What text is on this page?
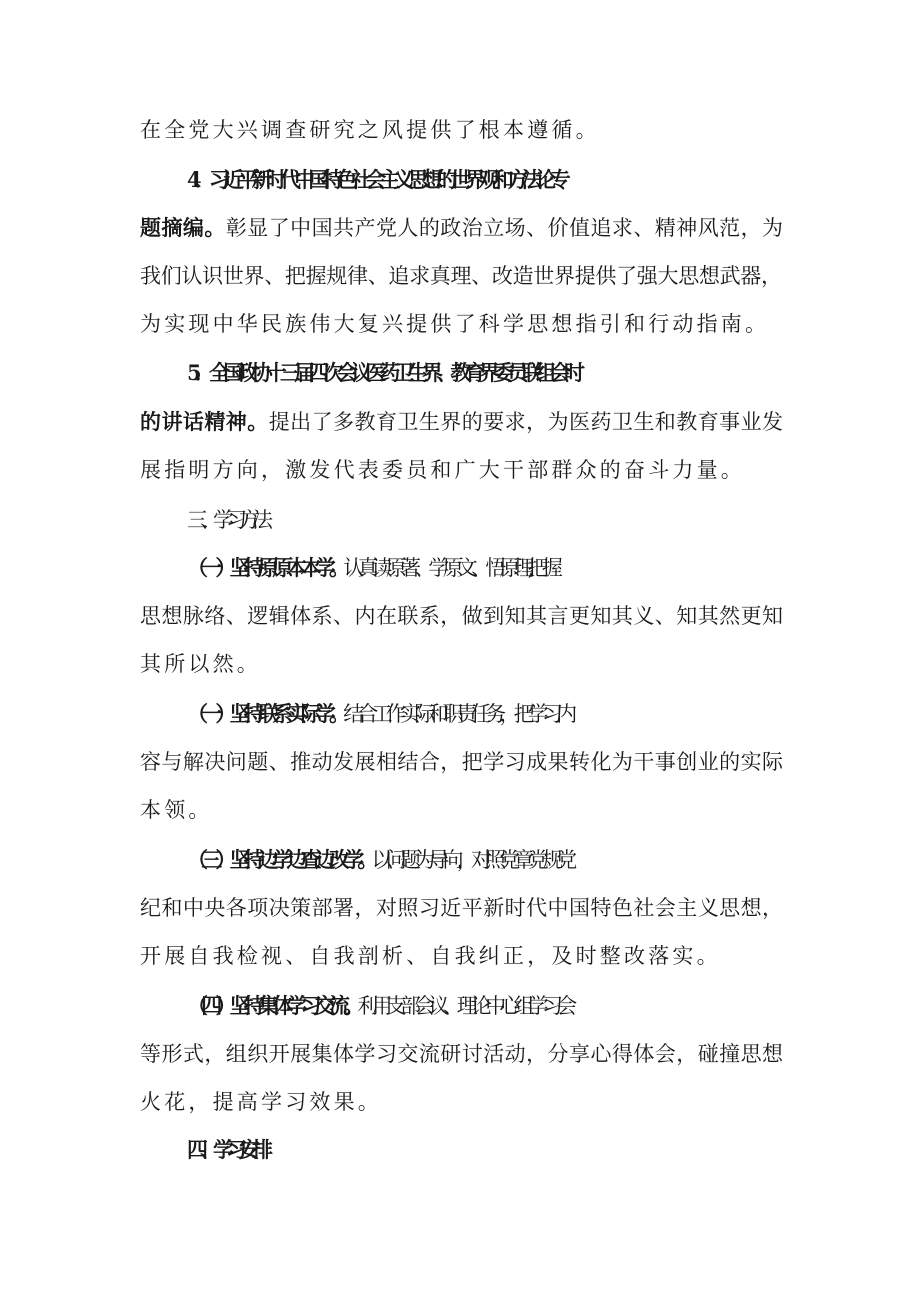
在全党大兴调查研究之风提供了根本遵循。
4．习近平新时代中国特色社会主义思想的世界观和方法论专
题摘编。彰显了中国共产党人的政治立场、价值追求、精神风范，为
我们认识世界、把握规律、追求真理、改造世界提供了强大思想武器，
为实现中华民族伟大复兴提供了科学思想指引和行动指南。
5．全国政协十三届四次会议医药卫生界、教育界委员联组会时
的讲话精神。提出了多教育卫生界的要求，为医药卫生和教育事业发
展指明方向，激发代表委员和广大干部群众的奋斗力量。
三、学习方法
（一）坚持原原本本学。认真读原著、学原文、悟原理,把握
思想脉络、逻辑体系、内在联系，做到知其言更知其义、知其然更知
其所以然。
（一）坚持联系实际学。结合工作实际和职责任务，把学习内
容与解决问题、推动发展相结合，把学习成果转化为干事创业的实际
本领。
（三）坚持边学边查边改学。以问题为导向，对照党章党规党
纪和中央各项决策部署，对照习近平新时代中国特色社会主义思想，
开展自我检视、自我剖析、自我纠正，及时整改落实。
（四）坚持集体学习交流。利用支部会议、理论中心组学习会
等形式，组织开展集体学习交流研讨活动，分享心得体会，碰撞思想
火花，提高学习效果。
四、学习安排
